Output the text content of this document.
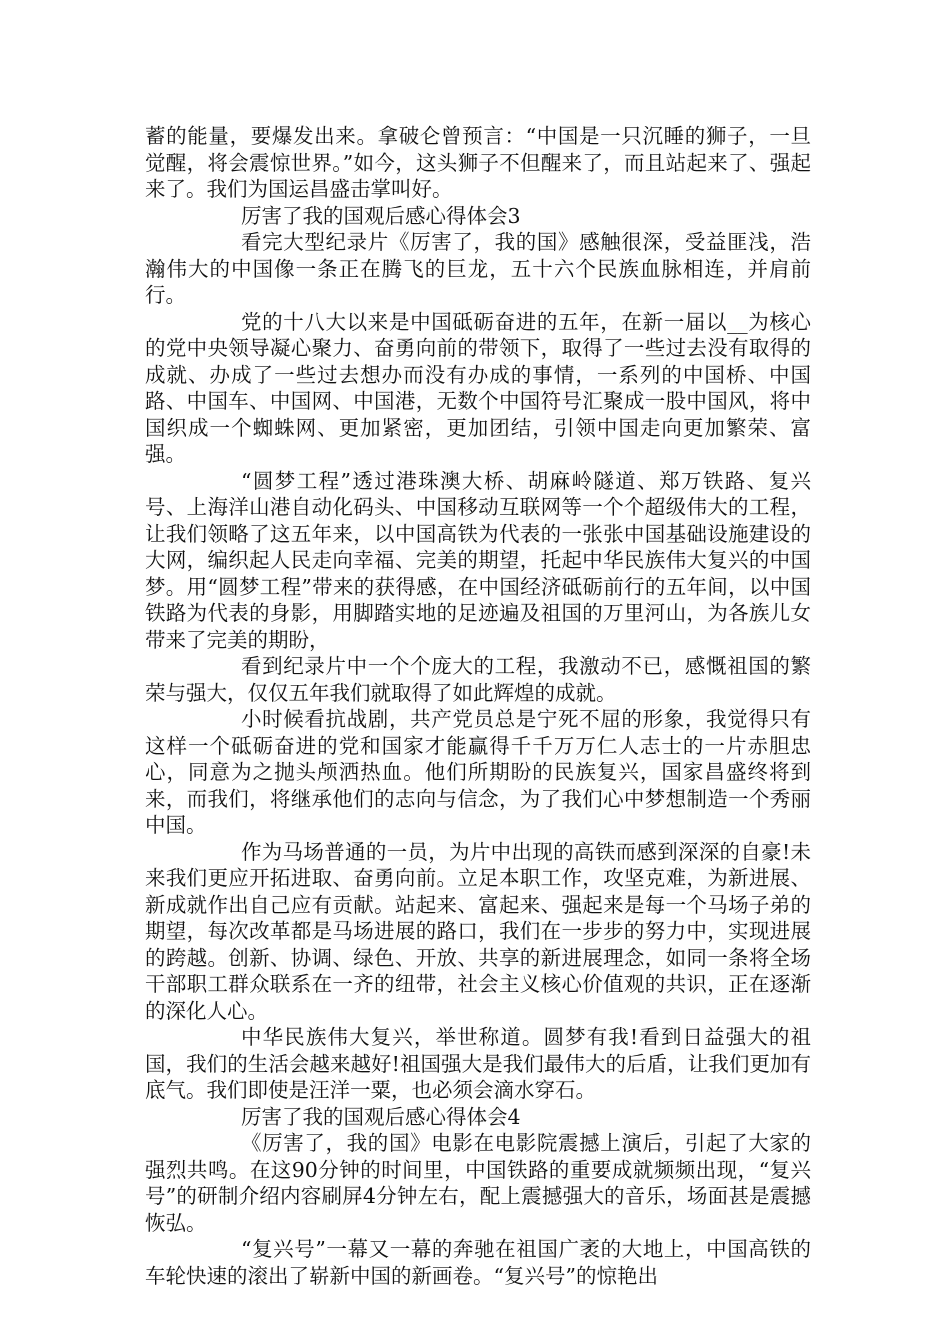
蓄的能量，要爆发出来。拿破仑曾预言：“中国是一只沉睡的狮子，一旦觉醒，将会震惊世界。”如今，这头狮子不但醒来了，而且站起来了、强起来了。我们为国运昌盛击掌叫好。

厉害了我的国观后感心得体会3

看完大型纪录片《厉害了，我的国》感触很深，受益匪浅，浩瀚伟大的中国像一条正在腾飞的巨龙，五十六个民族血脉相连，并肩前行。

党的十八大以来是中国砥砺奋进的五年，在新一届以__为核心的党中央领导凝心聚力、奋勇向前的带领下，取得了一些过去没有取得的成就、办成了一些过去想办而没有办成的事情，一系列的中国桥、中国路、中国车、中国网、中国港，无数个中国符号汇聚成一股中国风，将中国织成一个蜘蛛网、更加紧密，更加团结，引领中国走向更加繁荣、富强。

“圆梦工程”透过港珠澳大桥、胡麻岭隧道、郑万铁路、复兴号、上海洋山港自动化码头、中国移动互联网等一个个超级伟大的工程，让我们领略了这五年来，以中国高铁为代表的一张张中国基础设施建设的大网，编织起人民走向幸福、完美的期望，托起中华民族伟大复兴的中国梦。用“圆梦工程”带来的获得感，在中国经济砥砺前行的五年间，以中国铁路为代表的身影，用脚踏实地的足迹遍及祖国的万里河山，为各族儿女带来了完美的期盼，

看到纪录片中一个个庞大的工程，我激动不已，感慨祖国的繁荣与强大，仅仅五年我们就取得了如此辉煌的成就。

小时候看抗战剧，共产党员总是宁死不屈的形象，我觉得只有这样一个砥砺奋进的党和国家才能赢得千千万万仁人志士的一片赤胆忠心，同意为之抛头颅洒热血。他们所期盼的民族复兴，国家昌盛终将到来，而我们，将继承他们的志向与信念，为了我们心中梦想制造一个秀丽中国。

作为马场普通的一员，为片中出现的高铁而感到深深的自豪!未来我们更应开拓进取、奋勇向前。立足本职工作，攻坚克难，为新进展、新成就作出自己应有贡献。站起来、富起来、强起来是每一个马场子弟的期望，每次改革都是马场进展的路口，我们在一步步的努力中，实现进展的跨越。创新、协调、绿色、开放、共享的新进展理念，如同一条将全场干部职工群众联系在一齐的纽带，社会主义核心价值观的共识，正在逐渐的深化人心。

中华民族伟大复兴，举世称道。圆梦有我!看到日益强大的祖国，我们的生活会越来越好!祖国强大是我们最伟大的后盾，让我们更加有底气。我们即使是汪洋一粟，也必须会滴水穿石。

厉害了我的国观后感心得体会4

《厉害了，我的国》电影在电影院震撼上演后，引起了大家的强烈共鸣。在这90分钟的时间里，中国铁路的重要成就频频出现，“复兴号”的研制介绍内容刷屏4分钟左右，配上震撼强大的音乐，场面甚是震撼恢弘。

“复兴号”一幕又一幕的奔驰在祖国广袤的大地上，中国高铁的车轮快速的滚出了崭新中国的新画卷。“复兴号”的惊艳出
